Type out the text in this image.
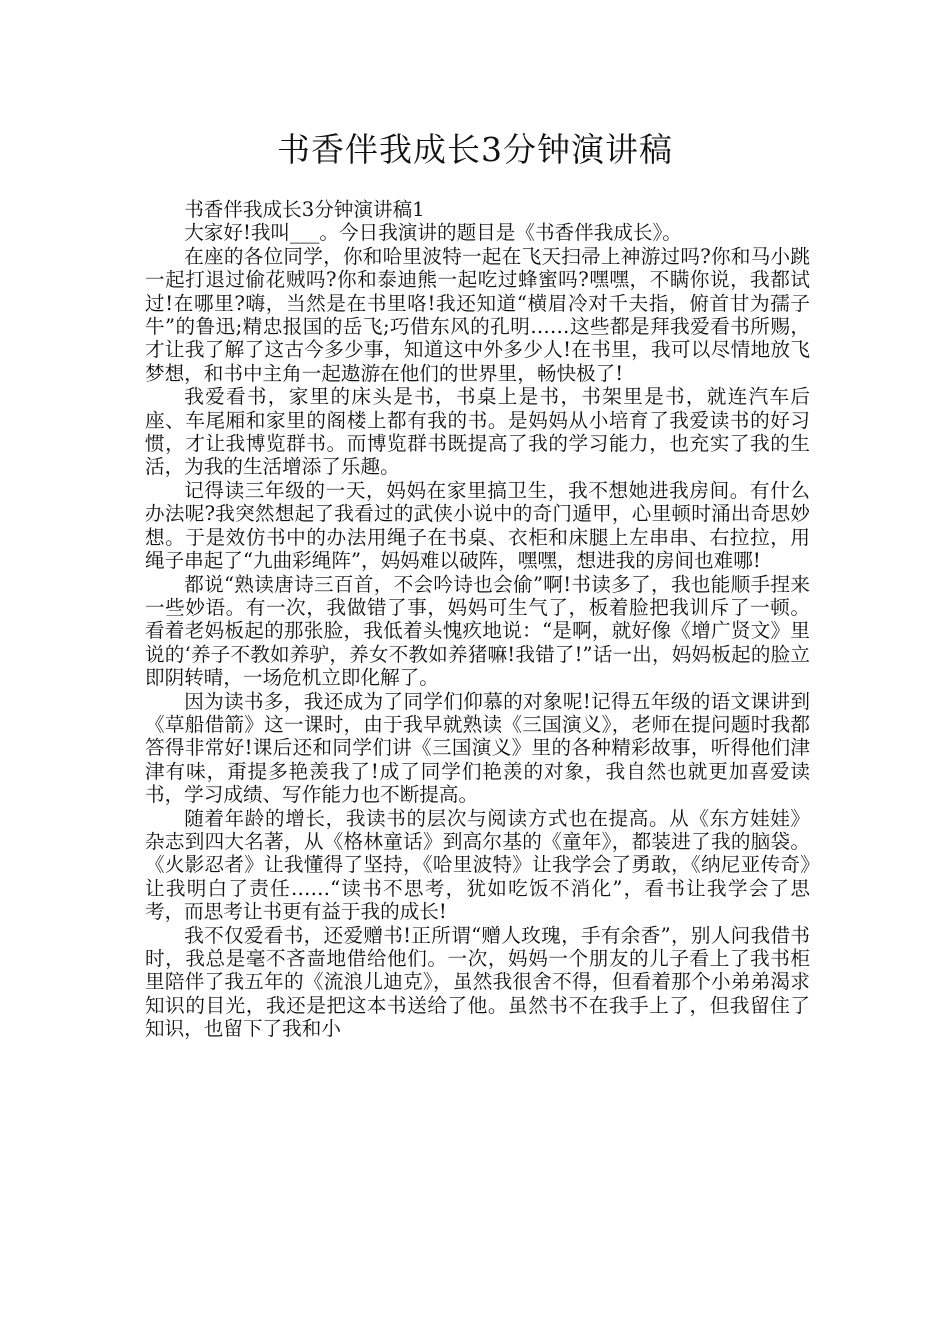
书香伴我成长3分钟演讲稿

书香伴我成长3分钟演讲稿1

大家好!我叫___。今日我演讲的题目是《书香伴我成长》。

在座的各位同学，你和哈里波特一起在飞天扫帚上神游过吗?你和马小跳一起打退过偷花贼吗?你和泰迪熊一起吃过蜂蜜吗?嘿嘿，不瞒你说，我都试过!在哪里?嗨，当然是在书里咯!我还知道“横眉冷对千夫指，俯首甘为孺子牛”的鲁迅;精忠报国的岳飞;巧借东风的孔明……这些都是拜我爱看书所赐，才让我了解了这古今多少事，知道这中外多少人!在书里，我可以尽情地放飞梦想，和书中主角一起遨游在他们的世界里，畅快极了!

我爱看书，家里的床头是书，书桌上是书，书架里是书，就连汽车后座、车尾厢和家里的阁楼上都有我的书。是妈妈从小培育了我爱读书的好习惯，才让我博览群书。而博览群书既提高了我的学习能力，也充实了我的生活，为我的生活增添了乐趣。

记得读三年级的一天，妈妈在家里搞卫生，我不想她进我房间。有什么办法呢?我突然想起了我看过的武侠小说中的奇门遁甲，心里顿时涌出奇思妙想。于是效仿书中的办法用绳子在书桌、衣柜和床腿上左串串、右拉拉，用绳子串起了“九曲彩绳阵”，妈妈难以破阵，嘿嘿，想进我的房间也难哪!

都说“熟读唐诗三百首，不会吟诗也会偷”啊!书读多了，我也能顺手捏来一些妙语。有一次，我做错了事，妈妈可生气了，板着脸把我训斥了一顿。看着老妈板起的那张脸，我低着头愧疚地说：“是啊，就好像《增广贤文》里说的‘养子不教如养驴，养女不教如养猪嘛!我错了!”话一出，妈妈板起的脸立即阴转晴，一场危机立即化解了。

因为读书多，我还成为了同学们仰慕的对象呢!记得五年级的语文课讲到《草船借箭》这一课时，由于我早就熟读《三国演义》，老师在提问题时我都答得非常好!课后还和同学们讲《三国演义》里的各种精彩故事，听得他们津津有味，甭提多艳羡我了!成了同学们艳羡的对象，我自然也就更加喜爱读书，学习成绩、写作能力也不断提高。

随着年龄的增长，我读书的层次与阅读方式也在提高。从《东方娃娃》杂志到四大名著，从《格林童话》到高尔基的《童年》，都装进了我的脑袋。《火影忍者》让我懂得了坚持，《哈里波特》让我学会了勇敢，《纳尼亚传奇》让我明白了责任……“读书不思考，犹如吃饭不消化”，看书让我学会了思考，而思考让书更有益于我的成长!

我不仅爱看书，还爱赠书!正所谓“赠人玫瑰，手有余香”，别人问我借书时，我总是毫不吝啬地借给他们。一次，妈妈一个朋友的儿子看上了我书柜里陪伴了我五年的《流浪儿迪克》，虽然我很舍不得，但看着那个小弟弟渴求知识的目光，我还是把这本书送给了他。虽然书不在我手上了，但我留住了知识，也留下了我和小
